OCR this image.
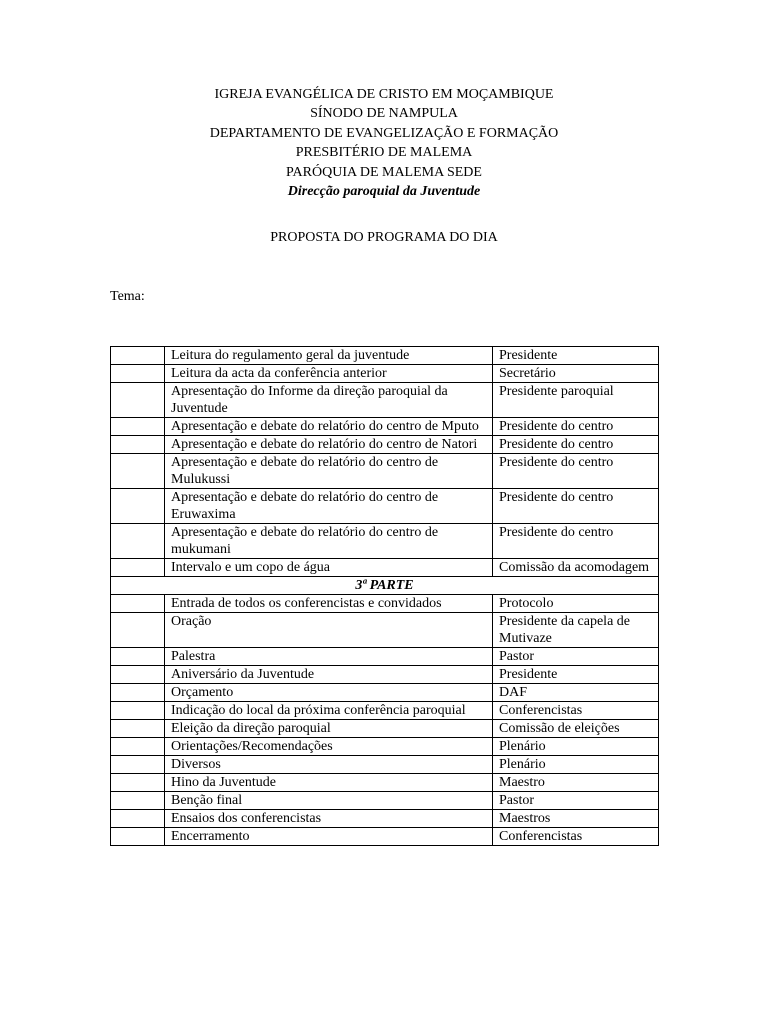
IGREJA EVANGÉLICA DE CRISTO EM MOÇAMBIQUE
SÍNODO DE NAMPULA
DEPARTAMENTO DE EVANGELIZAÇÃO E FORMAÇÃO
PRESBITÉRIO DE MALEMA
PARÓQUIA DE MALEMA SEDE
Direcção paroquial da Juventude
PROPOSTA DO PROGRAMA DO DIA
Tema:
	Leitura do regulamento geral da juventude	Presidente
	Leitura da acta da conferência anterior	Secretário
	Apresentação do Informe da direção paroquial da Juventude	Presidente paroquial
	Apresentação e debate do relatório do centro de Mputo	Presidente do centro
	Apresentação e debate do relatório do centro de Natori	Presidente do centro
	Apresentação e debate do relatório do centro de Mulukussi	Presidente do centro
	Apresentação e debate do relatório do centro de Eruwaxima	Presidente do centro
	Apresentação e debate do relatório do centro de mukumani	Presidente do centro
	Intervalo e um copo de água	Comissão da acomodagem
3ª PARTE		
	Entrada de todos os conferencistas e convidados	Protocolo
	Oração	Presidente da capela de Mutivaze
	Palestra	Pastor
	Aniversário da Juventude	Presidente
	Orçamento	DAF
	Indicação do local da próxima conferência paroquial	Conferencistas
	Eleição da direção paroquial	Comissão de eleições
	Orientações/Recomendações	Plenário
	Diversos	Plenário
	Hino da Juventude	Maestro
	Benção final	Pastor
	Ensaios dos conferencistas	Maestros
	Encerramento	Conferencistas
